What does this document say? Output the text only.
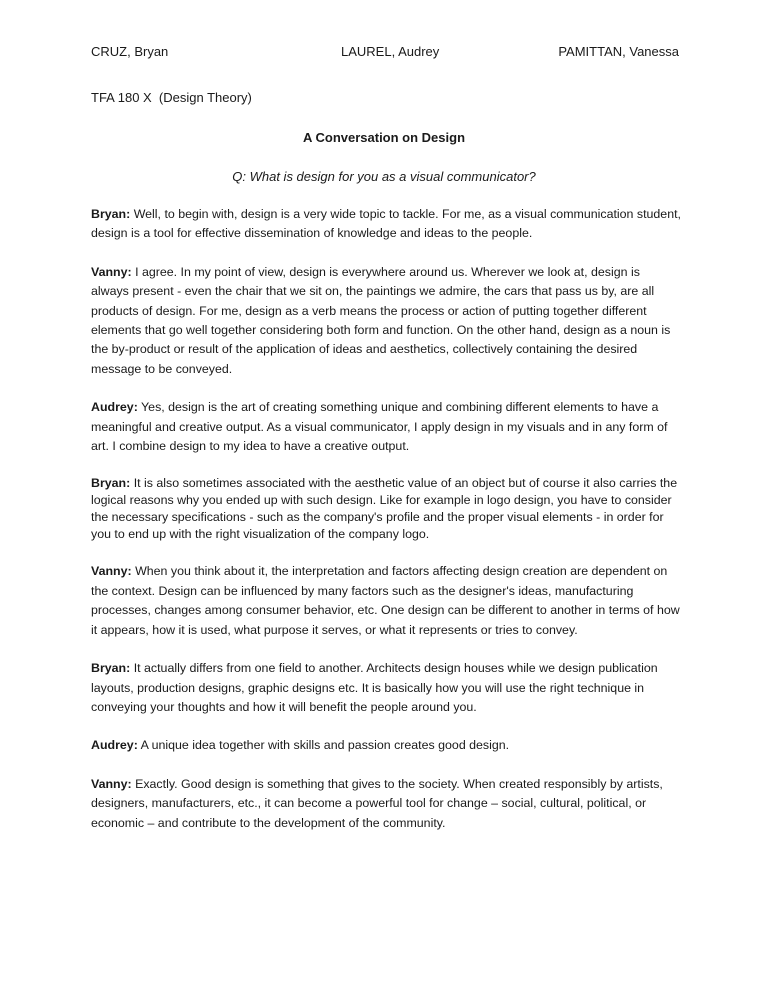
CRUZ, Bryan	LAUREL, Audrey	PAMITTAN, Vanessa
TFA 180 X  (Design Theory)
A Conversation on Design
Q: What is design for you as a visual communicator?

Bryan: Well, to begin with, design is a very wide topic to tackle. For me, as a visual communication student, design is a tool for effective dissemination of knowledge and ideas to the people.

Vanny: I agree. In my point of view, design is everywhere around us. Wherever we look at, design is always present - even the chair that we sit on, the paintings we admire, the cars that pass us by, are all products of design. For me, design as a verb means the process or action of putting together different elements that go well together considering both form and function. On the other hand, design as a noun is the by-product or result of the application of ideas and aesthetics, collectively containing the desired message to be conveyed.

Audrey: Yes, design is the art of creating something unique and combining different elements to have a meaningful and creative output. As a visual communicator, I apply design in my visuals and in any form of art. I combine design to my idea to have a creative output.

Bryan: It is also sometimes associated with the aesthetic value of an object but of course it also carries the logical reasons why you ended up with such design. Like for example in logo design, you have to consider the necessary specifications - such as the company's profile and the proper visual elements - in order for you to end up with the right visualization of the company logo.

Vanny: When you think about it, the interpretation and factors affecting design creation are dependent on the context. Design can be influenced by many factors such as the designer's ideas, manufacturing processes, changes among consumer behavior, etc. One design can be different to another in terms of how it appears, how it is used, what purpose it serves, or what it represents or tries to convey.

Bryan: It actually differs from one field to another. Architects design houses while we design publication layouts, production designs, graphic designs etc. It is basically how you will use the right technique in conveying your thoughts and how it will benefit the people around you.

Audrey: A unique idea together with skills and passion creates good design.

Vanny: Exactly. Good design is something that gives to the society. When created responsibly by artists, designers, manufacturers, etc., it can become a powerful tool for change – social, cultural, political, or economic – and contribute to the development of the community.
